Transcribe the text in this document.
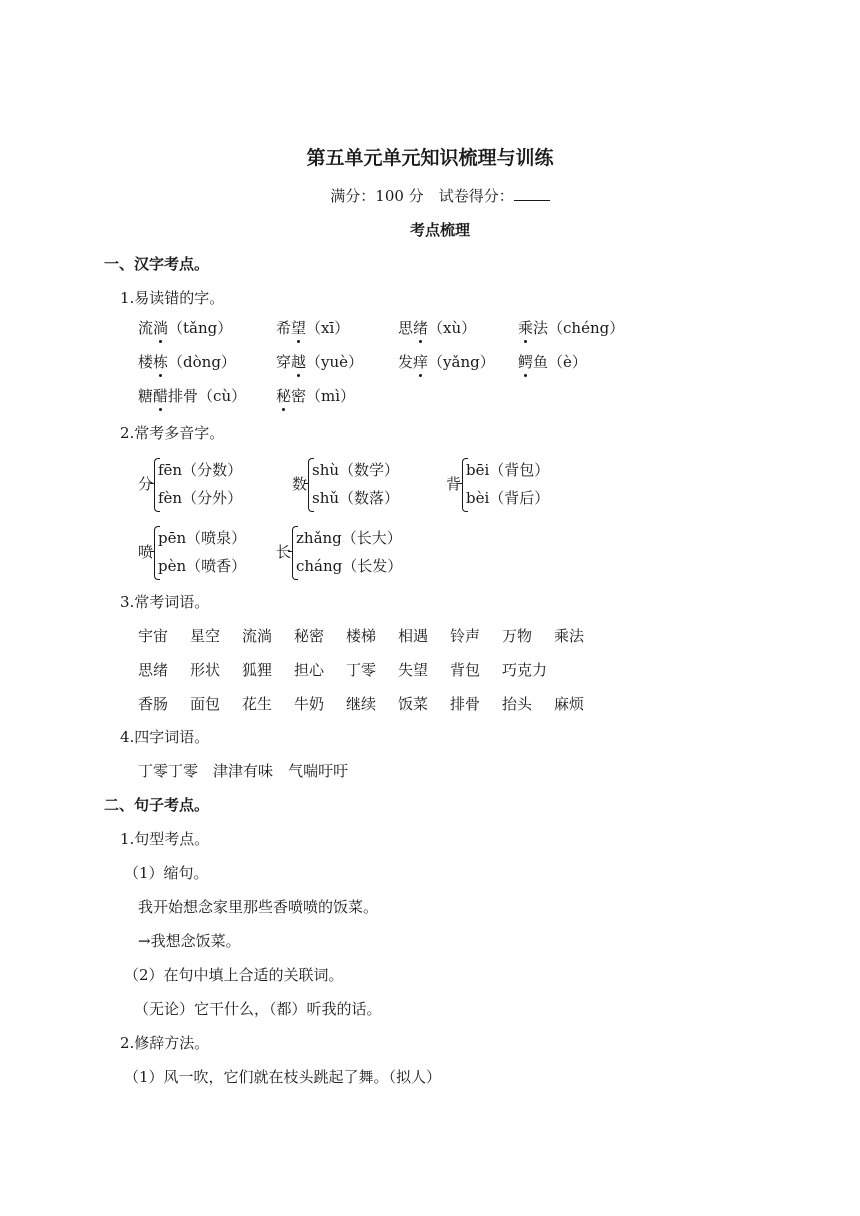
第五单元单元知识梳理与训练
满分：100 分　 试卷得分：
考点梳理
一、汉字考点。
1.易读错的字。
流淌（tǎng）	希望（xī）	思绪（xù）	乘法（chéng）
楼栋（dòng）	穿越（yuè） 发痒（yǎng） 鳄鱼（è）
糖醋排骨（cù） 秘密（mì）
2.常考多音字。
分
fēn（分数）
fèn（分外）
数
shù（数学）
shǔ（数落）
背
bēi（背包）
bèi（背后）
喷
pēn（喷泉）
pèn（喷香）
长
zhǎng（长大）
cháng（长发）
3.常考词语。
宇宙 星空 流淌 秘密 楼梯 相遇 铃声 万物 乘法
思绪 形状 狐狸 担心 丁零 失望 背包 巧克力
香肠 面包 花生 牛奶 继续 饭菜 排骨 抬头 麻烦
4.四字词语。
丁零丁零　 津津有味　 气喘吁吁
二、句子考点。
1.句型考点。
（1）缩句。
我开始想念家里那些香喷喷的饭菜。
→我想念饭菜。
（2）在句中填上合适的关联词。
（无论）它干什么，（都）听我的话。
2.修辞方法。
（1）风一吹，它们就在枝头跳起了舞。（拟人）
